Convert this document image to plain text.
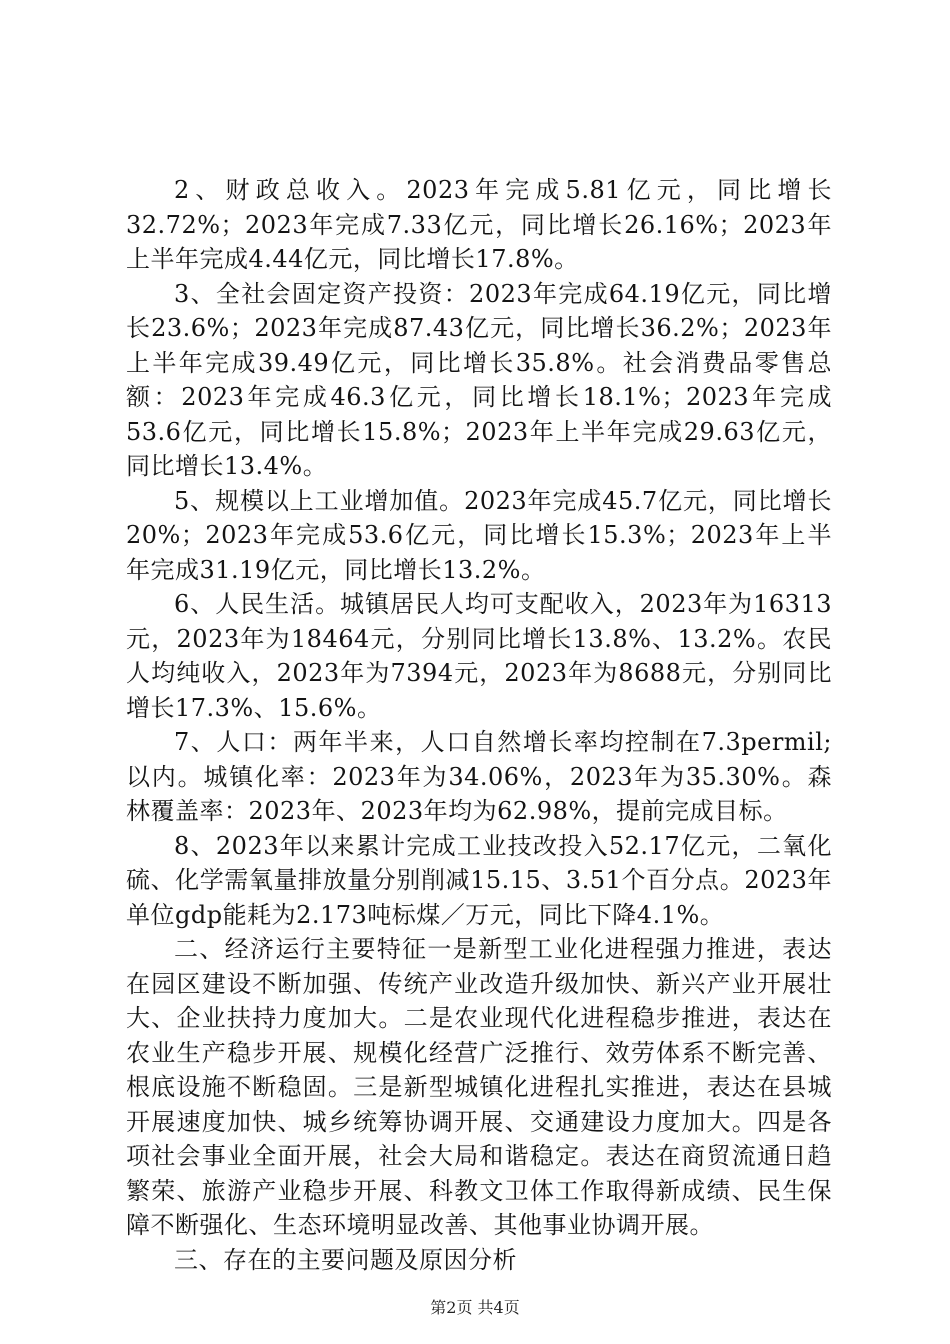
2、财政总收入。2023年完成5.81亿元，同比增长32.72%；2023年完成7.33亿元，同比增长26.16%；2023年上半年完成4.44亿元，同比增长17.8%。

3、全社会固定资产投资：2023年完成64.19亿元，同比增长23.6%；2023年完成87.43亿元，同比增长36.2%；2023年上半年完成39.49亿元，同比增长35.8%。社会消费品零售总额：2023年完成46.3亿元，同比增长18.1%；2023年完成53.6亿元，同比增长15.8%；2023年上半年完成29.63亿元，同比增长13.4%。

5、规模以上工业增加值。2023年完成45.7亿元，同比增长20%；2023年完成53.6亿元，同比增长15.3%；2023年上半年完成31.19亿元，同比增长13.2%。

6、人民生活。城镇居民人均可支配收入，2023年为16313元，2023年为18464元，分别同比增长13.8%、13.2%。农民人均纯收入，2023年为7394元，2023年为8688元，分别同比增长17.3%、15.6%。

7、人口：两年半来，人口自然增长率均控制在7.3permil;以内。城镇化率：2023年为34.06%，2023年为35.30%。森林覆盖率：2023年、2023年均为62.98%，提前完成目标。

8、2023年以来累计完成工业技改投入52.17亿元，二氧化硫、化学需氧量排放量分别削减15.15、3.51个百分点。2023年单位gdp能耗为2.173吨标煤／万元，同比下降4.1%。

二、经济运行主要特征一是新型工业化进程强力推进，表达在园区建设不断加强、传统产业改造升级加快、新兴产业开展壮大、企业扶持力度加大。二是农业现代化进程稳步推进，表达在农业生产稳步开展、规模化经营广泛推行、效劳体系不断完善、根底设施不断稳固。三是新型城镇化进程扎实推进，表达在县城开展速度加快、城乡统筹协调开展、交通建设力度加大。四是各项社会事业全面开展，社会大局和谐稳定。表达在商贸流通日趋繁荣、旅游产业稳步开展、科教文卫体工作取得新成绩、民生保障不断强化、生态环境明显改善、其他事业协调开展。

三、存在的主要问题及原因分析

第2页 共4页
